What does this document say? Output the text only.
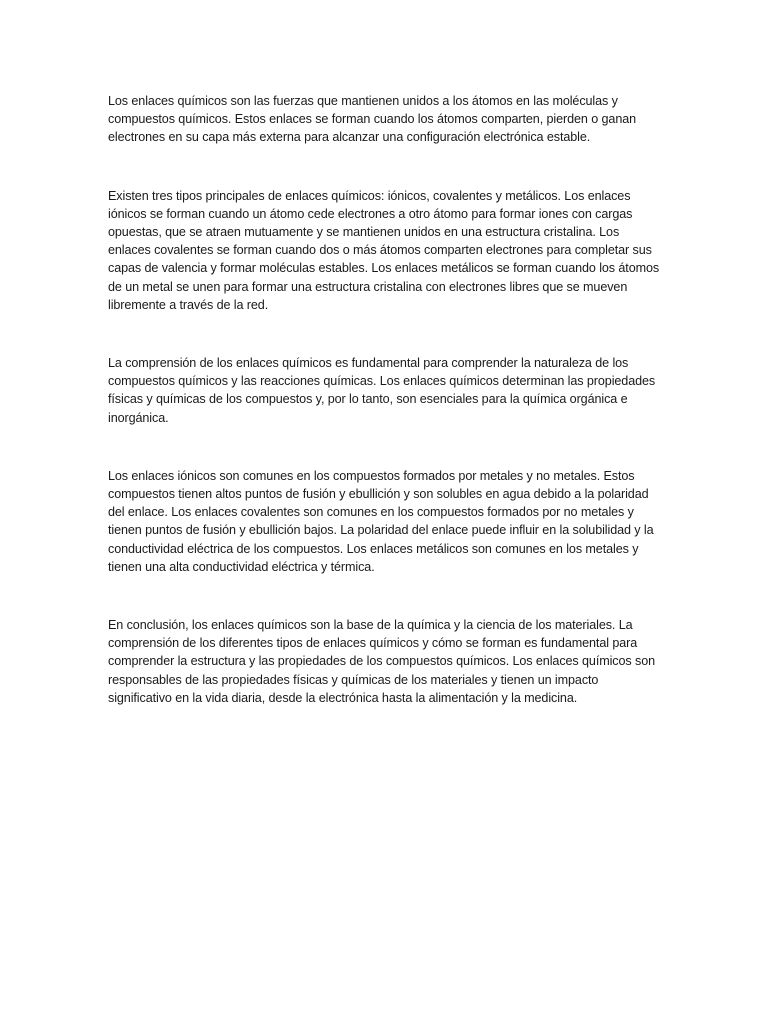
Los enlaces químicos son las fuerzas que mantienen unidos a los átomos en las moléculas y compuestos químicos. Estos enlaces se forman cuando los átomos comparten, pierden o ganan electrones en su capa más externa para alcanzar una configuración electrónica estable.

Existen tres tipos principales de enlaces químicos: iónicos, covalentes y metálicos. Los enlaces iónicos se forman cuando un átomo cede electrones a otro átomo para formar iones con cargas opuestas, que se atraen mutuamente y se mantienen unidos en una estructura cristalina. Los enlaces covalentes se forman cuando dos o más átomos comparten electrones para completar sus capas de valencia y formar moléculas estables. Los enlaces metálicos se forman cuando los átomos de un metal se unen para formar una estructura cristalina con electrones libres que se mueven libremente a través de la red.

La comprensión de los enlaces químicos es fundamental para comprender la naturaleza de los compuestos químicos y las reacciones químicas. Los enlaces químicos determinan las propiedades físicas y químicas de los compuestos y, por lo tanto, son esenciales para la química orgánica e inorgánica.

Los enlaces iónicos son comunes en los compuestos formados por metales y no metales. Estos compuestos tienen altos puntos de fusión y ebullición y son solubles en agua debido a la polaridad del enlace. Los enlaces covalentes son comunes en los compuestos formados por no metales y tienen puntos de fusión y ebullición bajos. La polaridad del enlace puede influir en la solubilidad y la conductividad eléctrica de los compuestos. Los enlaces metálicos son comunes en los metales y tienen una alta conductividad eléctrica y térmica.

En conclusión, los enlaces químicos son la base de la química y la ciencia de los materiales. La comprensión de los diferentes tipos de enlaces químicos y cómo se forman es fundamental para comprender la estructura y las propiedades de los compuestos químicos. Los enlaces químicos son responsables de las propiedades físicas y químicas de los materiales y tienen un impacto significativo en la vida diaria, desde la electrónica hasta la alimentación y la medicina.
